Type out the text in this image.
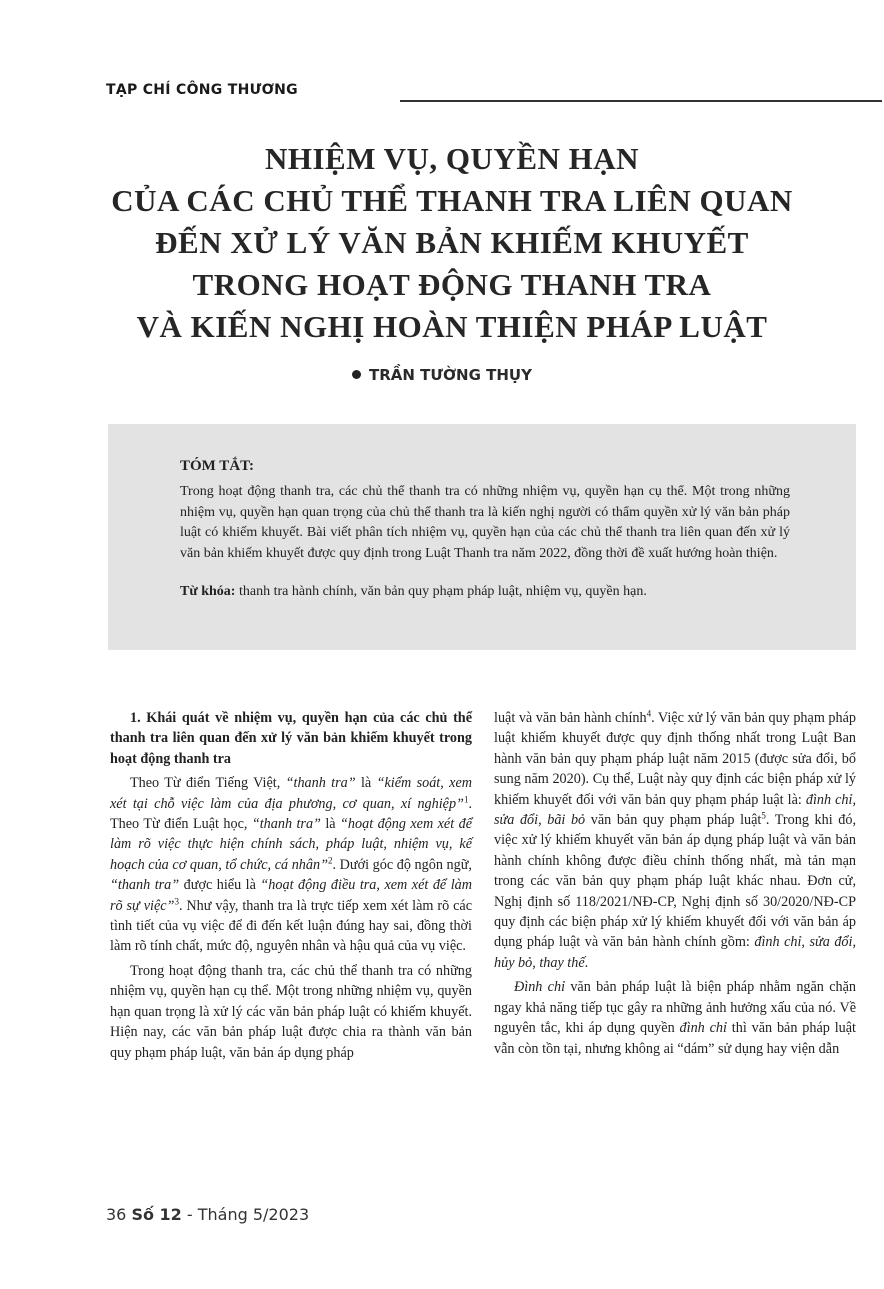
TẠP CHÍ CÔNG THƯƠNG
NHIỆM VỤ, QUYỀN HẠN
CỦA CÁC CHỦ THỂ THANH TRA LIÊN QUAN
ĐẾN XỬ LÝ VĂN BẢN KHIẾM KHUYẾT
TRONG HOẠT ĐỘNG THANH TRA
VÀ KIẾN NGHỊ HOÀN THIỆN PHÁP LUẬT
TRẦN TƯỜNG THỤY
TÓM TẮT:
Trong hoạt động thanh tra, các chủ thể thanh tra có những nhiệm vụ, quyền hạn cụ thể. Một trong những nhiệm vụ, quyền hạn quan trọng của chủ thể thanh tra là kiến nghị người có thẩm quyền xử lý văn bản pháp luật có khiếm khuyết. Bài viết phân tích nhiệm vụ, quyền hạn của các chủ thể thanh tra liên quan đến xử lý văn bản khiếm khuyết được quy định trong Luật Thanh tra năm 2022, đồng thời đề xuất hướng hoàn thiện.
Từ khóa: thanh tra hành chính, văn bản quy phạm pháp luật, nhiệm vụ, quyền hạn.

1. Khái quát về nhiệm vụ, quyền hạn của các chủ thể thanh tra liên quan đến xử lý văn bản khiếm khuyết trong hoạt động thanh tra

Theo Từ điển Tiếng Việt, “thanh tra” là “kiểm soát, xem xét tại chỗ việc làm của địa phương, cơ quan, xí nghiệp”$^1$. Theo Từ điển Luật học, “thanh tra” là “hoạt động xem xét để làm rõ việc thực hiện chính sách, pháp luật, nhiệm vụ, kế hoạch của cơ quan, tổ chức, cá nhân”$^2$. Dưới góc độ ngôn ngữ, “thanh tra” được hiểu là “hoạt động điều tra, xem xét để làm rõ sự việc”$^3$. Như vậy, thanh tra là trực tiếp xem xét làm rõ các tình tiết của vụ việc để đi đến kết luận đúng hay sai, đồng thời làm rõ tính chất, mức độ, nguyên nhân và hậu quả của vụ việc.

Trong hoạt động thanh tra, các chủ thể thanh tra có những nhiệm vụ, quyền hạn cụ thể. Một trong những nhiệm vụ, quyền hạn quan trọng là xử lý các văn bản pháp luật có khiếm khuyết. Hiện nay, các văn bản pháp luật được chia ra thành văn bản quy phạm pháp luật, văn bản áp dụng pháp

luật và văn bản hành chính$^4$. Việc xử lý văn bản quy phạm pháp luật khiếm khuyết được quy định thống nhất trong Luật Ban hành văn bản quy phạm pháp luật năm 2015 (được sửa đổi, bổ sung năm 2020). Cụ thể, Luật này quy định các biện pháp xử lý khiếm khuyết đối với văn bản quy phạm pháp luật là: đình chỉ, sửa đổi, bãi bỏ văn bản quy phạm pháp luật$^5$. Trong khi đó, việc xử lý khiếm khuyết văn bản áp dụng pháp luật và văn bản hành chính không được điều chỉnh thống nhất, mà tản mạn trong các văn bản quy phạm pháp luật khác nhau. Đơn cử, Nghị định số 118/2021/NĐ-CP, Nghị định số 30/2020/NĐ-CP quy định các biện pháp xử lý khiếm khuyết đối với văn bản áp dụng pháp luật và văn bản hành chính gồm: đình chỉ, sửa đổi, hủy bỏ, thay thế.

Đình chỉ văn bản pháp luật là biện pháp nhằm ngăn chặn ngay khả năng tiếp tục gây ra những ảnh hưởng xấu của nó. Về nguyên tắc, khi áp dụng quyền đình chỉ thì văn bản pháp luật vẫn còn tồn tại, nhưng không ai “dám” sử dụng hay viện dẫn

36 Số 12 - Tháng 5/2023
